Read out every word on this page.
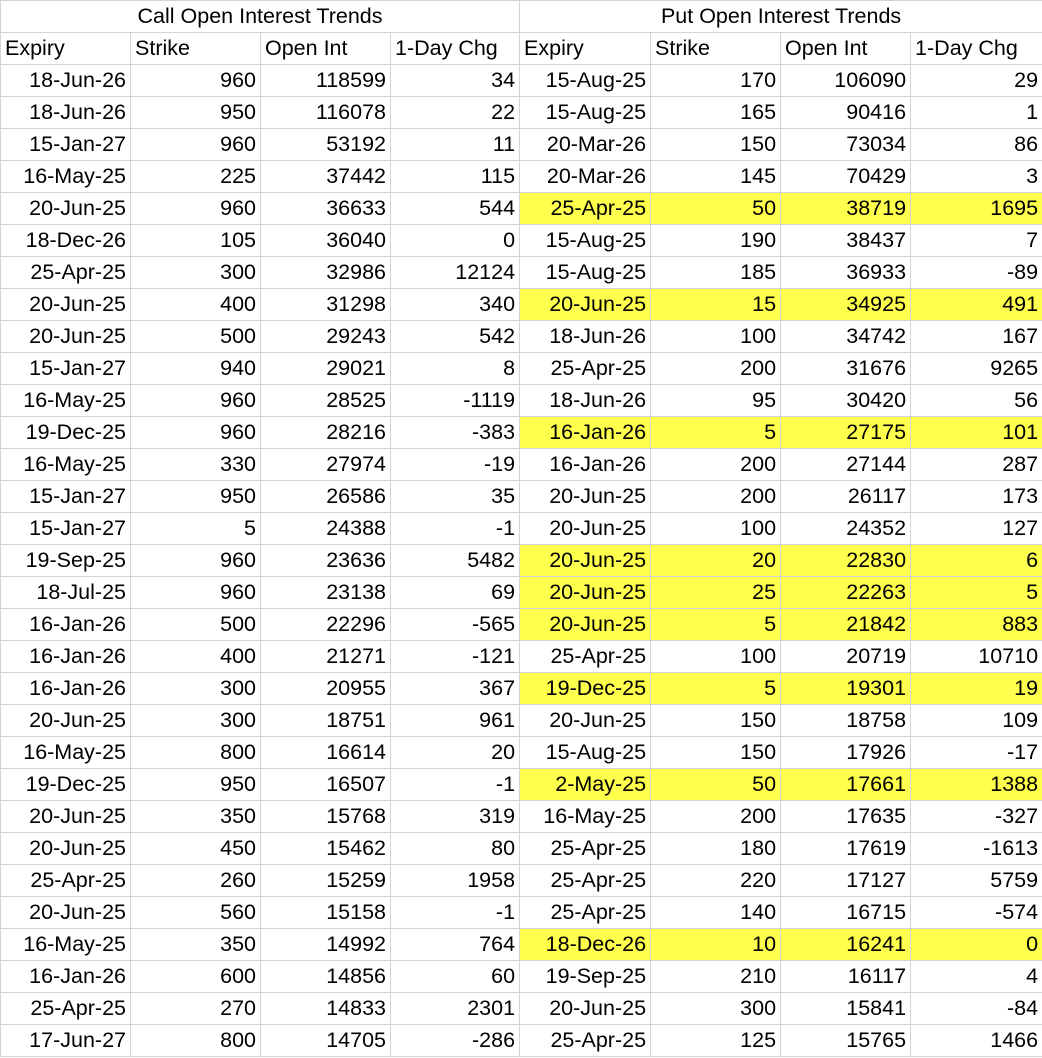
Call Open Interest Trends				Put Open Interest Trends			
Expiry	Strike	Open Int	1-Day Chg	Expiry	Strike	Open Int	1-Day Chg
18-Jun-26	960	118599	34	15-Aug-25	170	106090	29
18-Jun-26	950	116078	22	15-Aug-25	165	90416	1
15-Jan-27	960	53192	11	20-Mar-26	150	73034	86
16-May-25	225	37442	115	20-Mar-26	145	70429	3
20-Jun-25	960	36633	544	25-Apr-25	50	38719	1695
18-Dec-26	105	36040	0	15-Aug-25	190	38437	7
25-Apr-25	300	32986	12124	15-Aug-25	185	36933	-89
20-Jun-25	400	31298	340	20-Jun-25	15	34925	491
20-Jun-25	500	29243	542	18-Jun-26	100	34742	167
15-Jan-27	940	29021	8	25-Apr-25	200	31676	9265
16-May-25	960	28525	-1119	18-Jun-26	95	30420	56
19-Dec-25	960	28216	-383	16-Jan-26	5	27175	101
16-May-25	330	27974	-19	16-Jan-26	200	27144	287
15-Jan-27	950	26586	35	20-Jun-25	200	26117	173
15-Jan-27	5	24388	-1	20-Jun-25	100	24352	127
19-Sep-25	960	23636	5482	20-Jun-25	20	22830	6
18-Jul-25	960	23138	69	20-Jun-25	25	22263	5
16-Jan-26	500	22296	-565	20-Jun-25	5	21842	883
16-Jan-26	400	21271	-121	25-Apr-25	100	20719	10710
16-Jan-26	300	20955	367	19-Dec-25	5	19301	19
20-Jun-25	300	18751	961	20-Jun-25	150	18758	109
16-May-25	800	16614	20	15-Aug-25	150	17926	-17
19-Dec-25	950	16507	-1	2-May-25	50	17661	1388
20-Jun-25	350	15768	319	16-May-25	200	17635	-327
20-Jun-25	450	15462	80	25-Apr-25	180	17619	-1613
25-Apr-25	260	15259	1958	25-Apr-25	220	17127	5759
20-Jun-25	560	15158	-1	25-Apr-25	140	16715	-574
16-May-25	350	14992	764	18-Dec-26	10	16241	0
16-Jan-26	600	14856	60	19-Sep-25	210	16117	4
25-Apr-25	270	14833	2301	20-Jun-25	300	15841	-84
17-Jun-27	800	14705	-286	25-Apr-25	125	15765	1466
